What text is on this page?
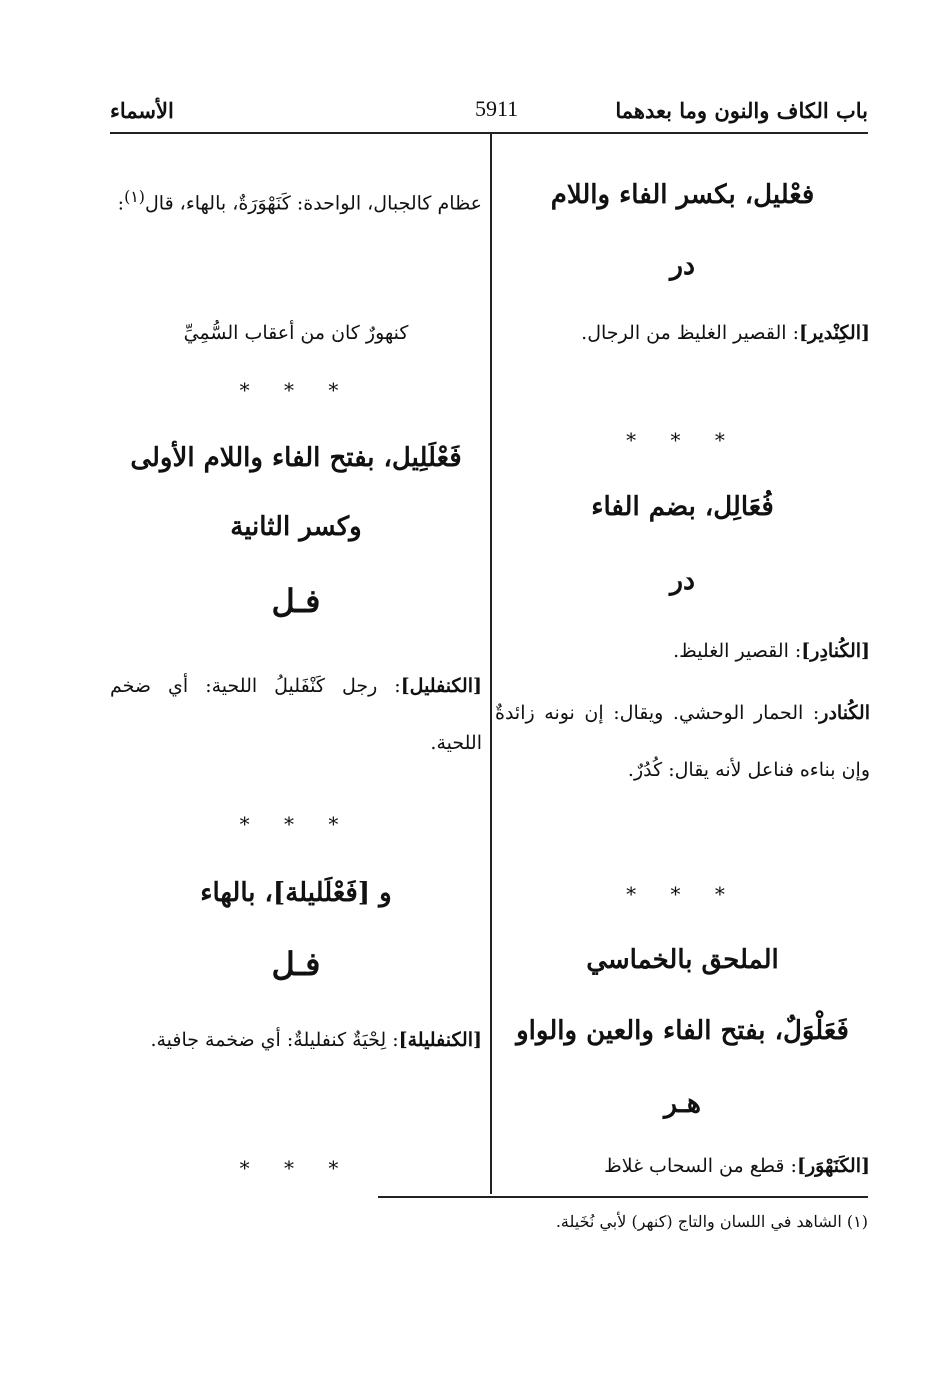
باب الكاف والنون وما بعدهما
5911
الأسماء
فعْليل، بكسر الفاء واللام
در
[الكِنْدير]: القصير الغليظ من الرجال.
* * *
فُعَالِل، بضم الفاء
در
[الكُنادِر]: القصير الغليظ.
الكُنادر: الحمار الوحشي. ويقال: إن نونه زائدةٌ وإن بناءه فناعل لأنه يقال: كُدُرٌ.
* * *
الملحق بالخماسي
فَعَلْوَلٌ، بفتح الفاء والعين والواو
هـر
[الكَنَهْوَر]: قطع من السحاب غلاظ
عظام كالجبال، الواحدة: كَنَهْوَرَةٌ، بالهاء، قال$^{(١)}$:
كنهورٌ كان من أعقاب السُّمِيِّ
* * *
فَعْلَلِيل، بفتح الفاء واللام الأولى
وكسر الثانية
فـل
[الكنفليل]: رجل كَنْفَليلُ اللحية: أي ضخم اللحية.
* * *
و [فَعْلَليلة]، بالهاء
فـل
[الكنفليلة]: لِحْيَةٌ كنفليلةٌ: أي ضخمة جافية.
* * *
(١) الشاهد في اللسان والتاج (كنهر) لأبي نُخَيلة.
